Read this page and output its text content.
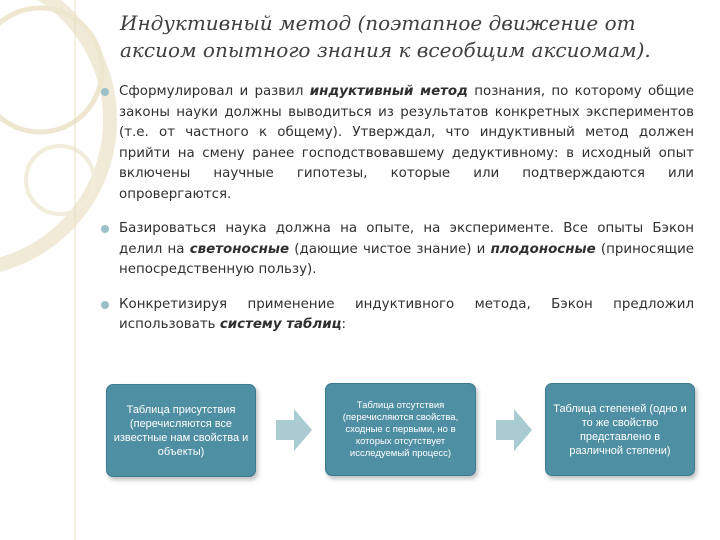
Индуктивный метод (поэтапное движение от аксиом опытного знания к всеобщим аксиомам).
Сформулировал и развил индуктивный метод познания, по которому общие законы науки должны выводиться из результатов конкретных экспериментов (т.е. от частного к общему). Утверждал, что индуктивный метод должен прийти на смену ранее господствовавшему дедуктивному: в исходный опыт включены научные гипотезы, которые или подтверждаются или опровергаются.
Базироваться наука должна на опыте, на эксперименте. Все опыты Бэкон делил на светоносные (дающие чистое знание) и плодоносные (приносящие непосредственную пользу).
Конкретизируя применение индуктивного метода, Бэкон предложил использовать систему таблиц:
Таблица присутствия (перечисляются все известные нам свойства и объекты)
Таблица отсутствия (перечисляются свойства, сходные с первыми, но в которых отсутствует исследуемый процесс)
Таблица степеней (одно и то же свойство представлено в различной степени)
